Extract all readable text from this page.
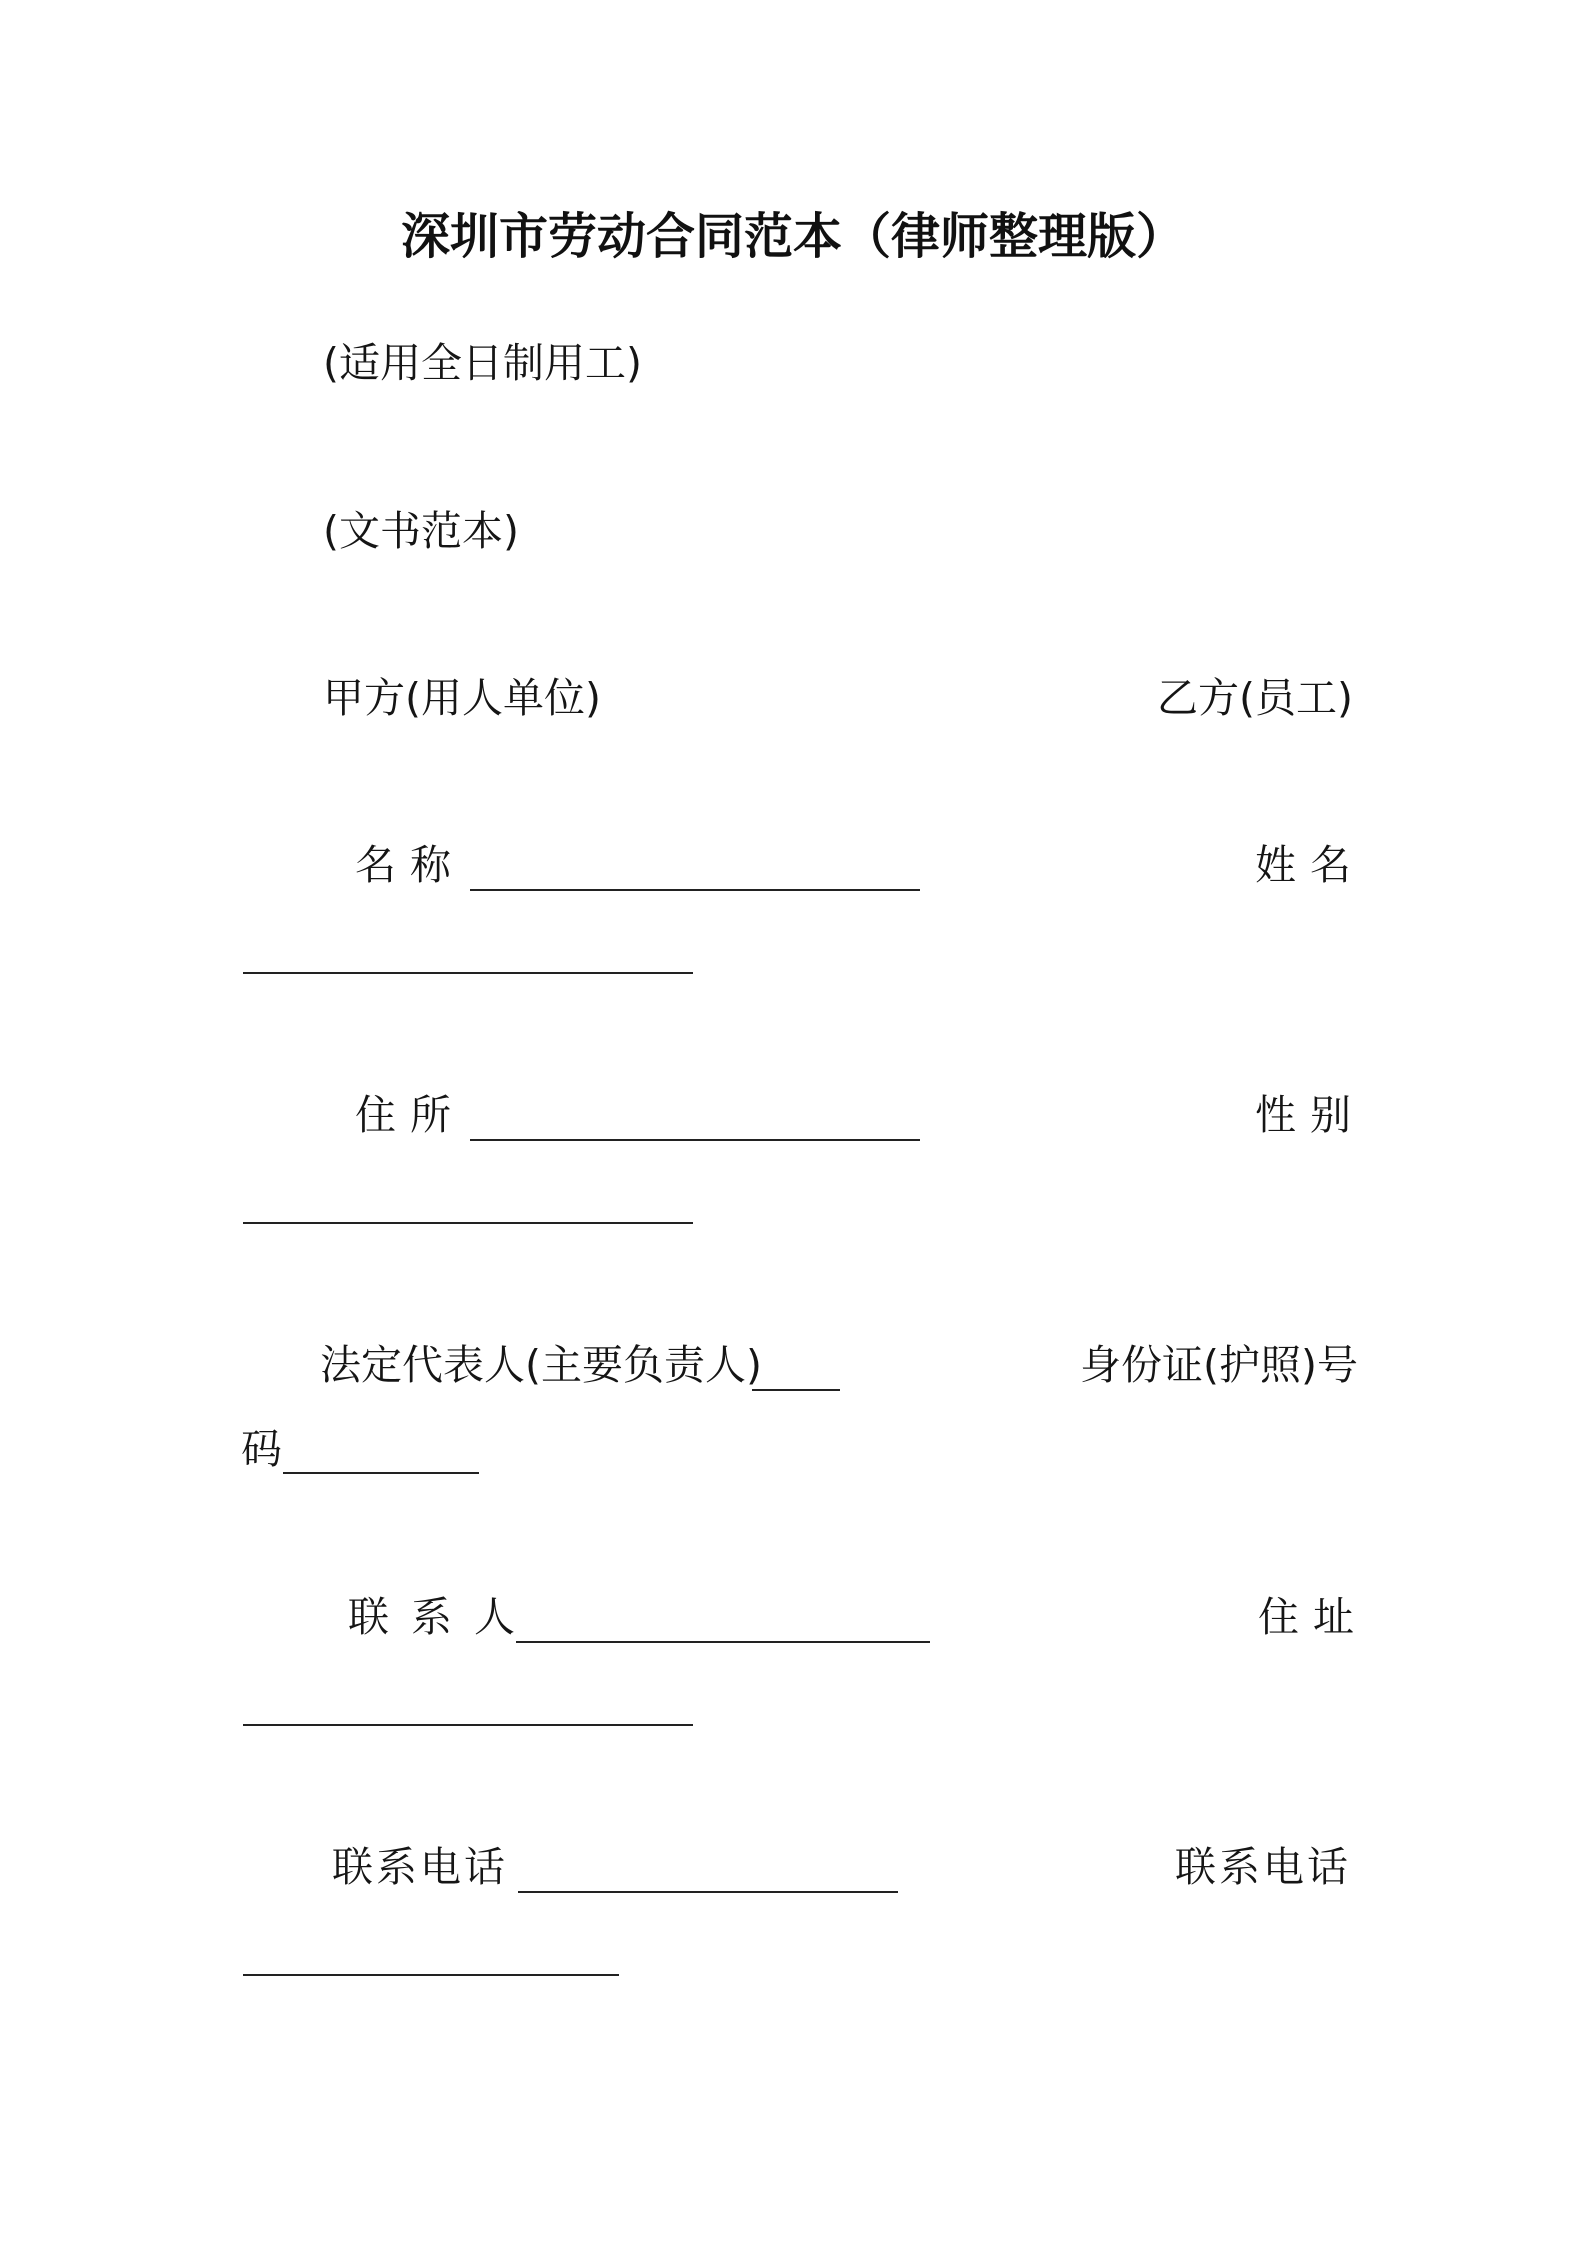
深圳市劳动合同范本（律师整理版）
(适用全日制用工)
(文书范本)
甲方(用人单位)	乙方(员工)
名称	姓名
住所	性别
法定代表人(主要负责人)	身份证(护照)号
码
联系人	住址
联系电话	联系电话
